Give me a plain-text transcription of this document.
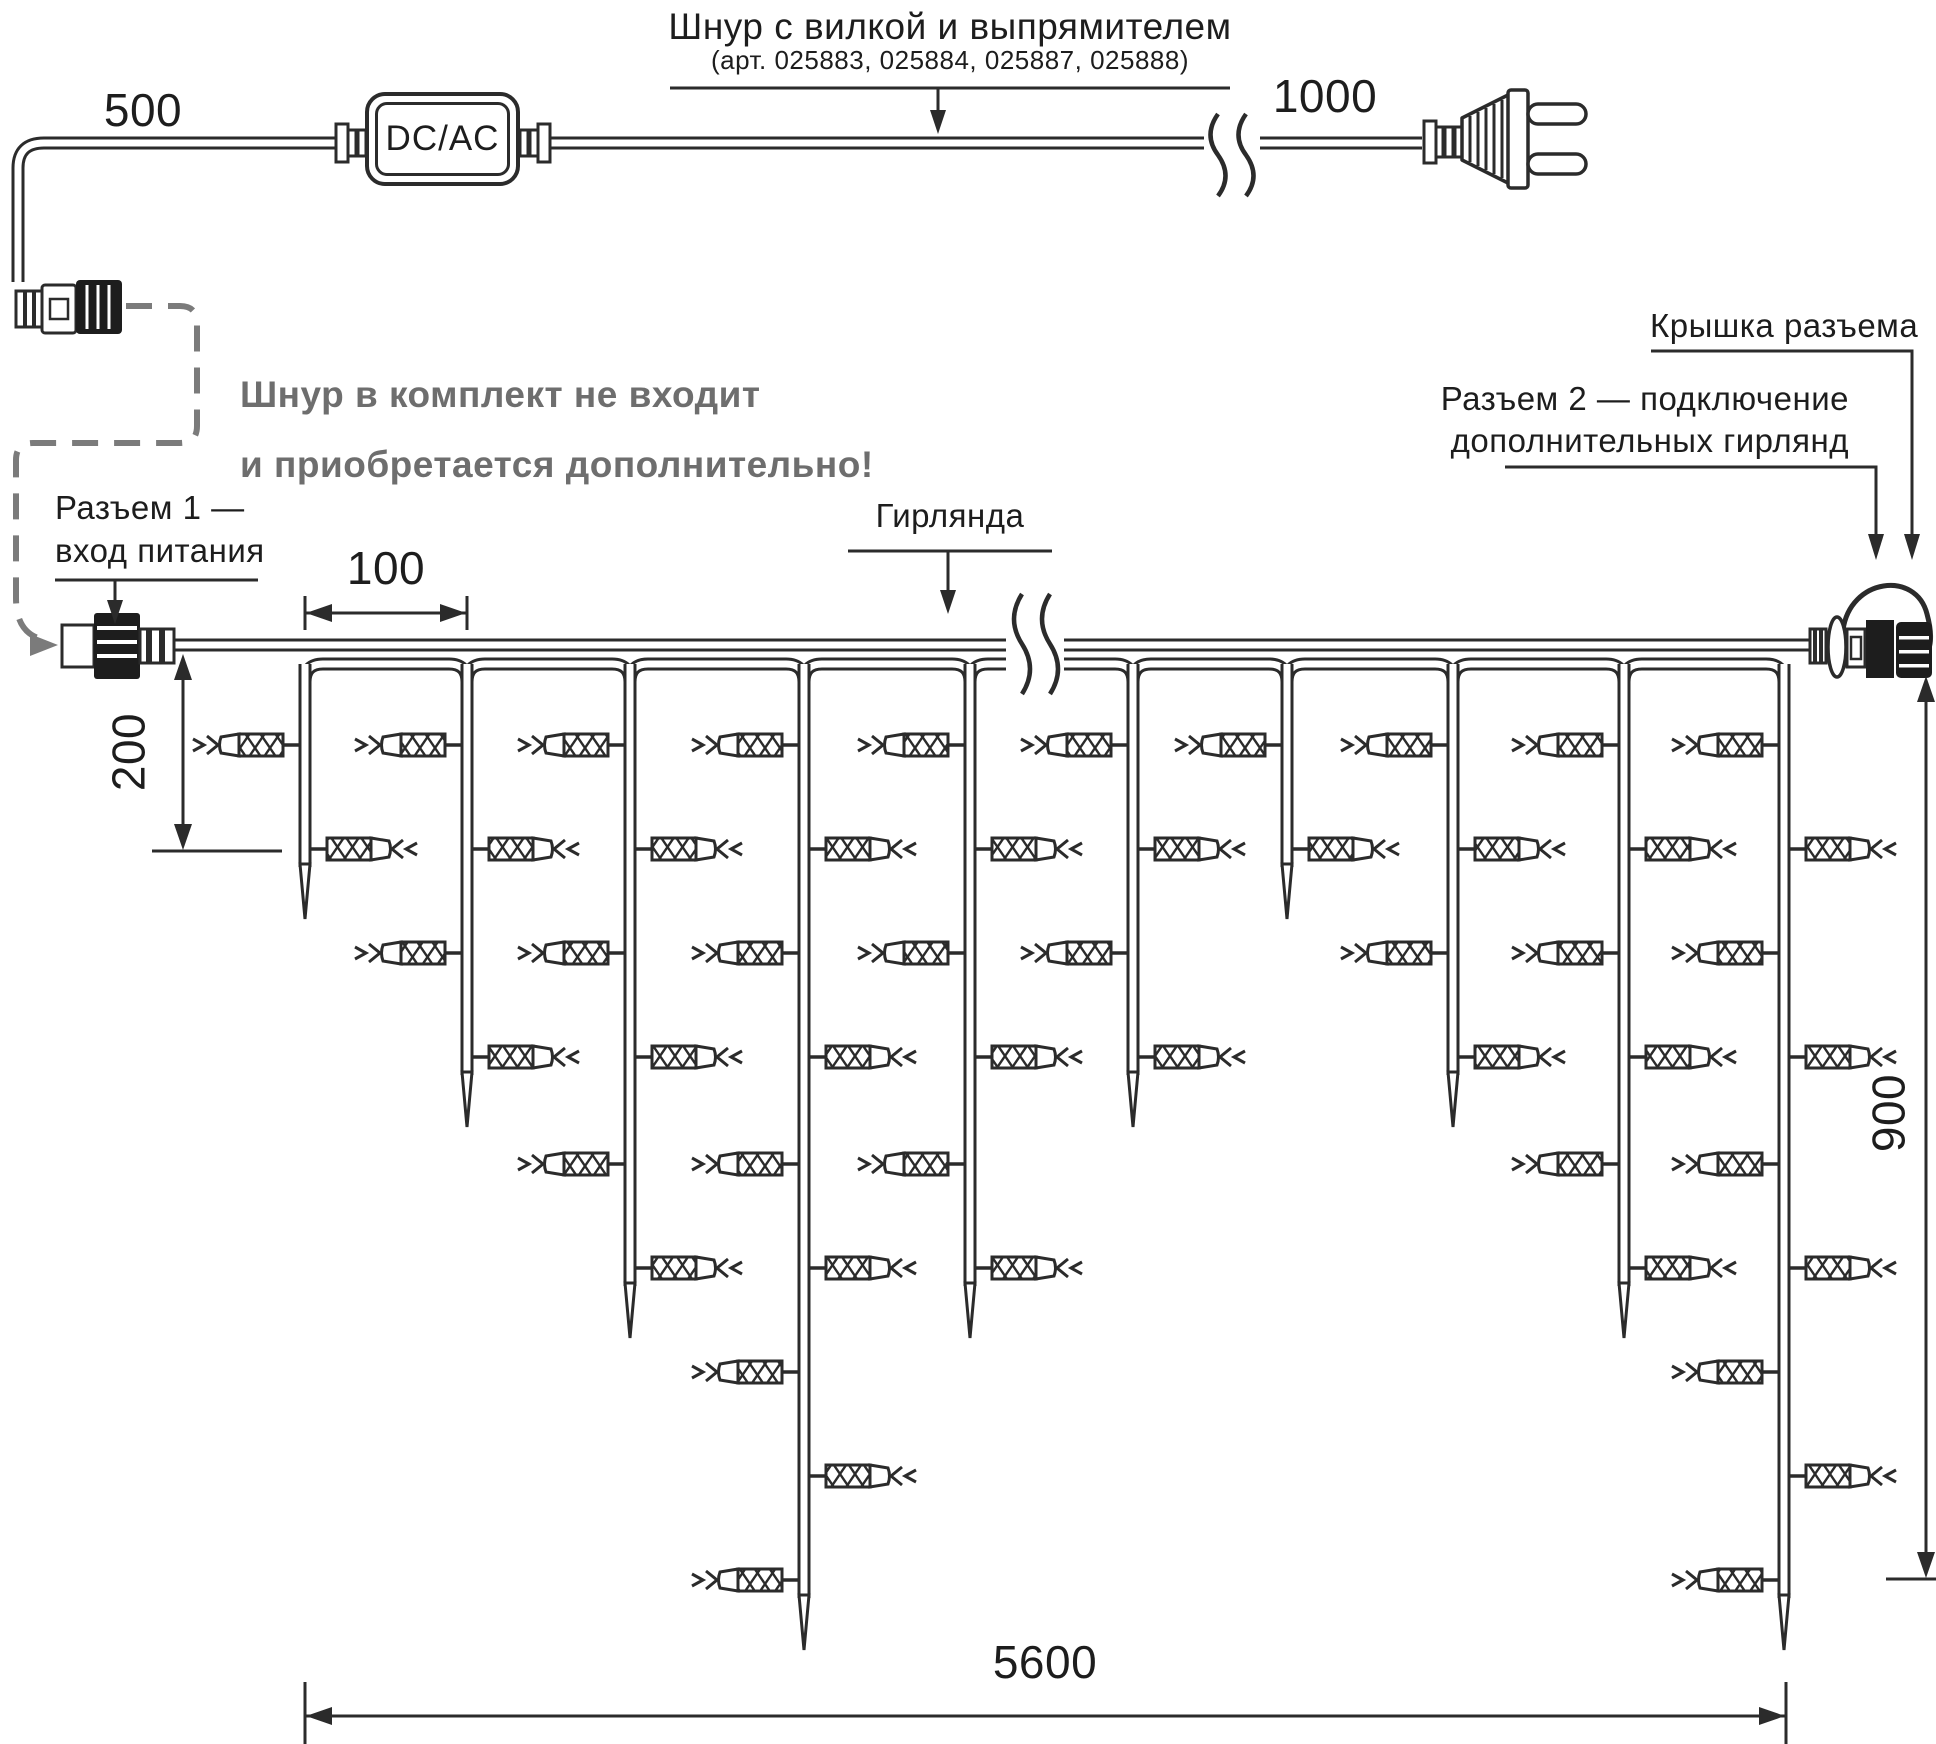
DC/AC
Шнур с вилкой и выпрямителем
(арт. 025883, 025884, 025887, 025888)
500	1000
Шнур в комплект не входит
и приобретается дополнительно!
Разъем 1 —
вход питания
Гирлянда
Крышка разъема
Разъем 2 — подключение
дополнительных гирлянд
100
200
900
5600
